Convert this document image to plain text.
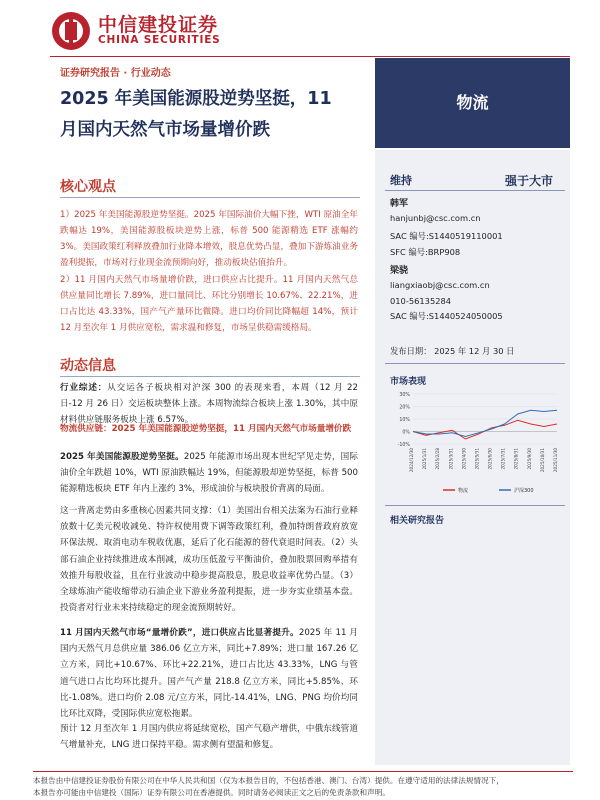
中信建投证券
CHINA SECURITIES
证券研究报告 · 行业动态
2025 年美国能源股逆势坚挺，11
月国内天然气市场量增价跌
物流
核心观点
1）2025 年美国能源股逆势坚挺。2025 年国际油价大幅下挫，WTI 原油全年跌幅达 19%，美国能源股板块逆势上涨，标普 500 能源精选 ETF 涨幅约 3%。美国政策红利释放叠加行业降本增效，股息优势凸显，叠加下游炼油业务盈利提振，市场对行业现金流预期向好，推动板块估值抬升。
2）11 月国内天然气市场量增价跌，进口供应占比提升。11 月国内天然气总供应量同比增长 7.89%，进口量同比、环比分别增长 10.67%、22.21%，进口占比达 43.33%，国产气产量环比微降。进口均价同比降幅超 14%，预计 12 月至次年 1 月供应宽松，需求温和修复，市场呈供稳需缓格局。
动态信息
行业综述：从交运各子板块相对沪深 300 的表现来看，本周（12 月 22 日-12 月 26 日）交运板块整体上涨。本周物流综合板块上涨 1.30%，其中原材料供应链服务板块上涨 6.57%。
物流供应链：2025 年美国能源股逆势坚挺，11 月国内天然气市场量增价跌
2025 年美国能源股逆势坚挺。2025 年能源市场出现本世纪罕见走势，国际油价全年跌超 10%，WTI 原油跌幅达 19%，但能源股却逆势坚挺，标普 500 能源精选板块 ETF 年内上涨约 3%，形成油价与板块股价背离的局面。
这一背离走势由多重核心因素共同支撑：（1）美国出台相关法案为石油行业释放数十亿美元税收减免、特许权使用费下调等政策红利，叠加特朗普政府放宽环保法规、取消电动车税收优惠，延后了化石能源的替代衰退时间表。（2）头部石油企业持续推进成本削减，成功压低盈亏平衡油价，叠加股票回购举措有效推升每股收益，且在行业波动中稳步提高股息，股息收益率优势凸显。（3）全球炼油产能收缩带动石油企业下游业务盈利提振，进一步夯实业绩基本盘。投资者对行业未来持续稳定的现金流预期转好。
11 月国内天然气市场“量增价跌”，进口供应占比显著提升。2025 年 11 月国内天然气月总供应量 386.06 亿立方米，同比+7.89%；进口量 167.26 亿立方米，同比+10.67%、环比+22.21%，进口占比达 43.33%，LNG 与管道气进口占比均环比提升。国产气产量 218.8 亿立方米，同比+5.85%、环比-1.08%。进口均价 2.08 元/立方米，同比-14.41%，LNG、PNG 均价均同比环比双降，受国际供应宽松拖累。
预计 12 月至次年 1 月国内供应将延续宽松，国产气稳产增供，中俄东线管道气增量补充，LNG 进口保持平稳。需求侧有望温和修复。
维持	强于大市
韩军
hanjunbj@csc.com.cn
SAC 编号:S1440519110001
SFC 编号:BRP908
梁骁
liangxiaobj@csc.com.cn
010-56135284
SAC 编号:S1440524050005
发布日期： 2025 年 12 月 30 日
市场表现
30%
20%
10%
0%
-10%
2024/12/30 2025/1/31 2025/2/28 2025/3/31 2025/4/30 2025/5/31 2025/6/30 2025/7/31 2025/8/31 2025/9/30 2025/10/31 2025/11/30
物流	沪深300
相关研究报告
本报告由中信建投证券股份有限公司在中华人民共和国（仅为本报告目的，不包括香港、澳门、台湾）提供。在遵守适用的法律法规情况下，
本报告亦可能由中信建投（国际）证券有限公司在香港提供。同时请务必阅读正文之后的免责条款和声明。
